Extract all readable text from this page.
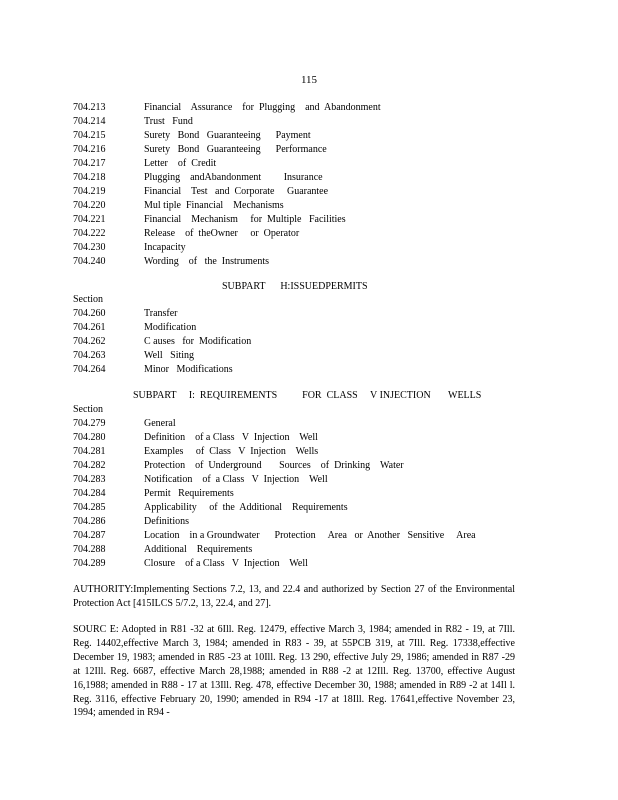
115
704.213	Financial    Assurance    for  Plugging    and  Abandonment
704.214	Trust   Fund
704.215	Surety   Bond   Guaranteeing      Payment
704.216	Surety   Bond   Guaranteeing      Performance
704.217	Letter    of  Credit
704.218	Plugging    andAbandonment         Insurance
704.219	Financial    Test   and  Corporate     Guarantee
704.220	Mul tiple  Financial    Mechanisms
704.221	Financial    Mechanism     for  Multiple   Facilities
704.222	Release    of  theOwner     or  Operator
704.230	Incapacity
704.240	Wording    of   the  Instruments
SUBPART      H:ISSUEDPERMITS
Section
704.260	Transfer
704.261	Modification
704.262	C auses   for  Modification
704.263	Well   Siting
704.264	Minor   Modifications
SUBPART     I:  REQUIREMENTS          FOR  CLASS     V INJECTION       WELLS
Section
704.279	General
704.280	Definition    of a Class   V  Injection    Well
704.281	Examples     of  Class   V  Injection    Wells
704.282	Protection    of  Underground       Sources    of  Drinking    Water
704.283	Notification    of  a Class   V  Injection    Well
704.284	Permit   Requirements
704.285	Applicability     of  the  Additional    Requirements
704.286	Definitions
704.287	Location    in a Groundwater      Protection     Area   or  Another   Sensitive     Area
704.288	Additional    Requirements
704.289	Closure    of a Class   V  Injection    Well
AUTHORITY:Implementing Sections 7.2, 13, and 22.4 and authorized by Section 27 of the Environmental Protection Act [415ILCS 5/7.2, 13, 22.4, and 27].
SOURC E: Adopted in R81 -32 at 6Ill. Reg. 12479, effective March 3, 1984; amended in R82 - 19, at 7Ill. Reg. 14402,effective March 3, 1984; amended in R83 - 39, at 55PCB 319, at 7Ill. Reg. 17338,effective December 19, 1983; amended in R85 -23 at 10Ill. Reg. 13 290, effective July 29, 1986; amended in R87 -29 at 12Ill. Reg. 6687, effective March 28,1988; amended in R88 -2 at 12Ill. Reg. 13700, effective August 16,1988; amended in R88 - 17 at 13Ill. Reg. 478, effective December 30, 1988; amended in R89 -2 at 14Il l. Reg. 3116, effective February 20, 1990; amended in R94 -17 at 18Ill. Reg. 17641,effective November 23, 1994; amended in R94 -
